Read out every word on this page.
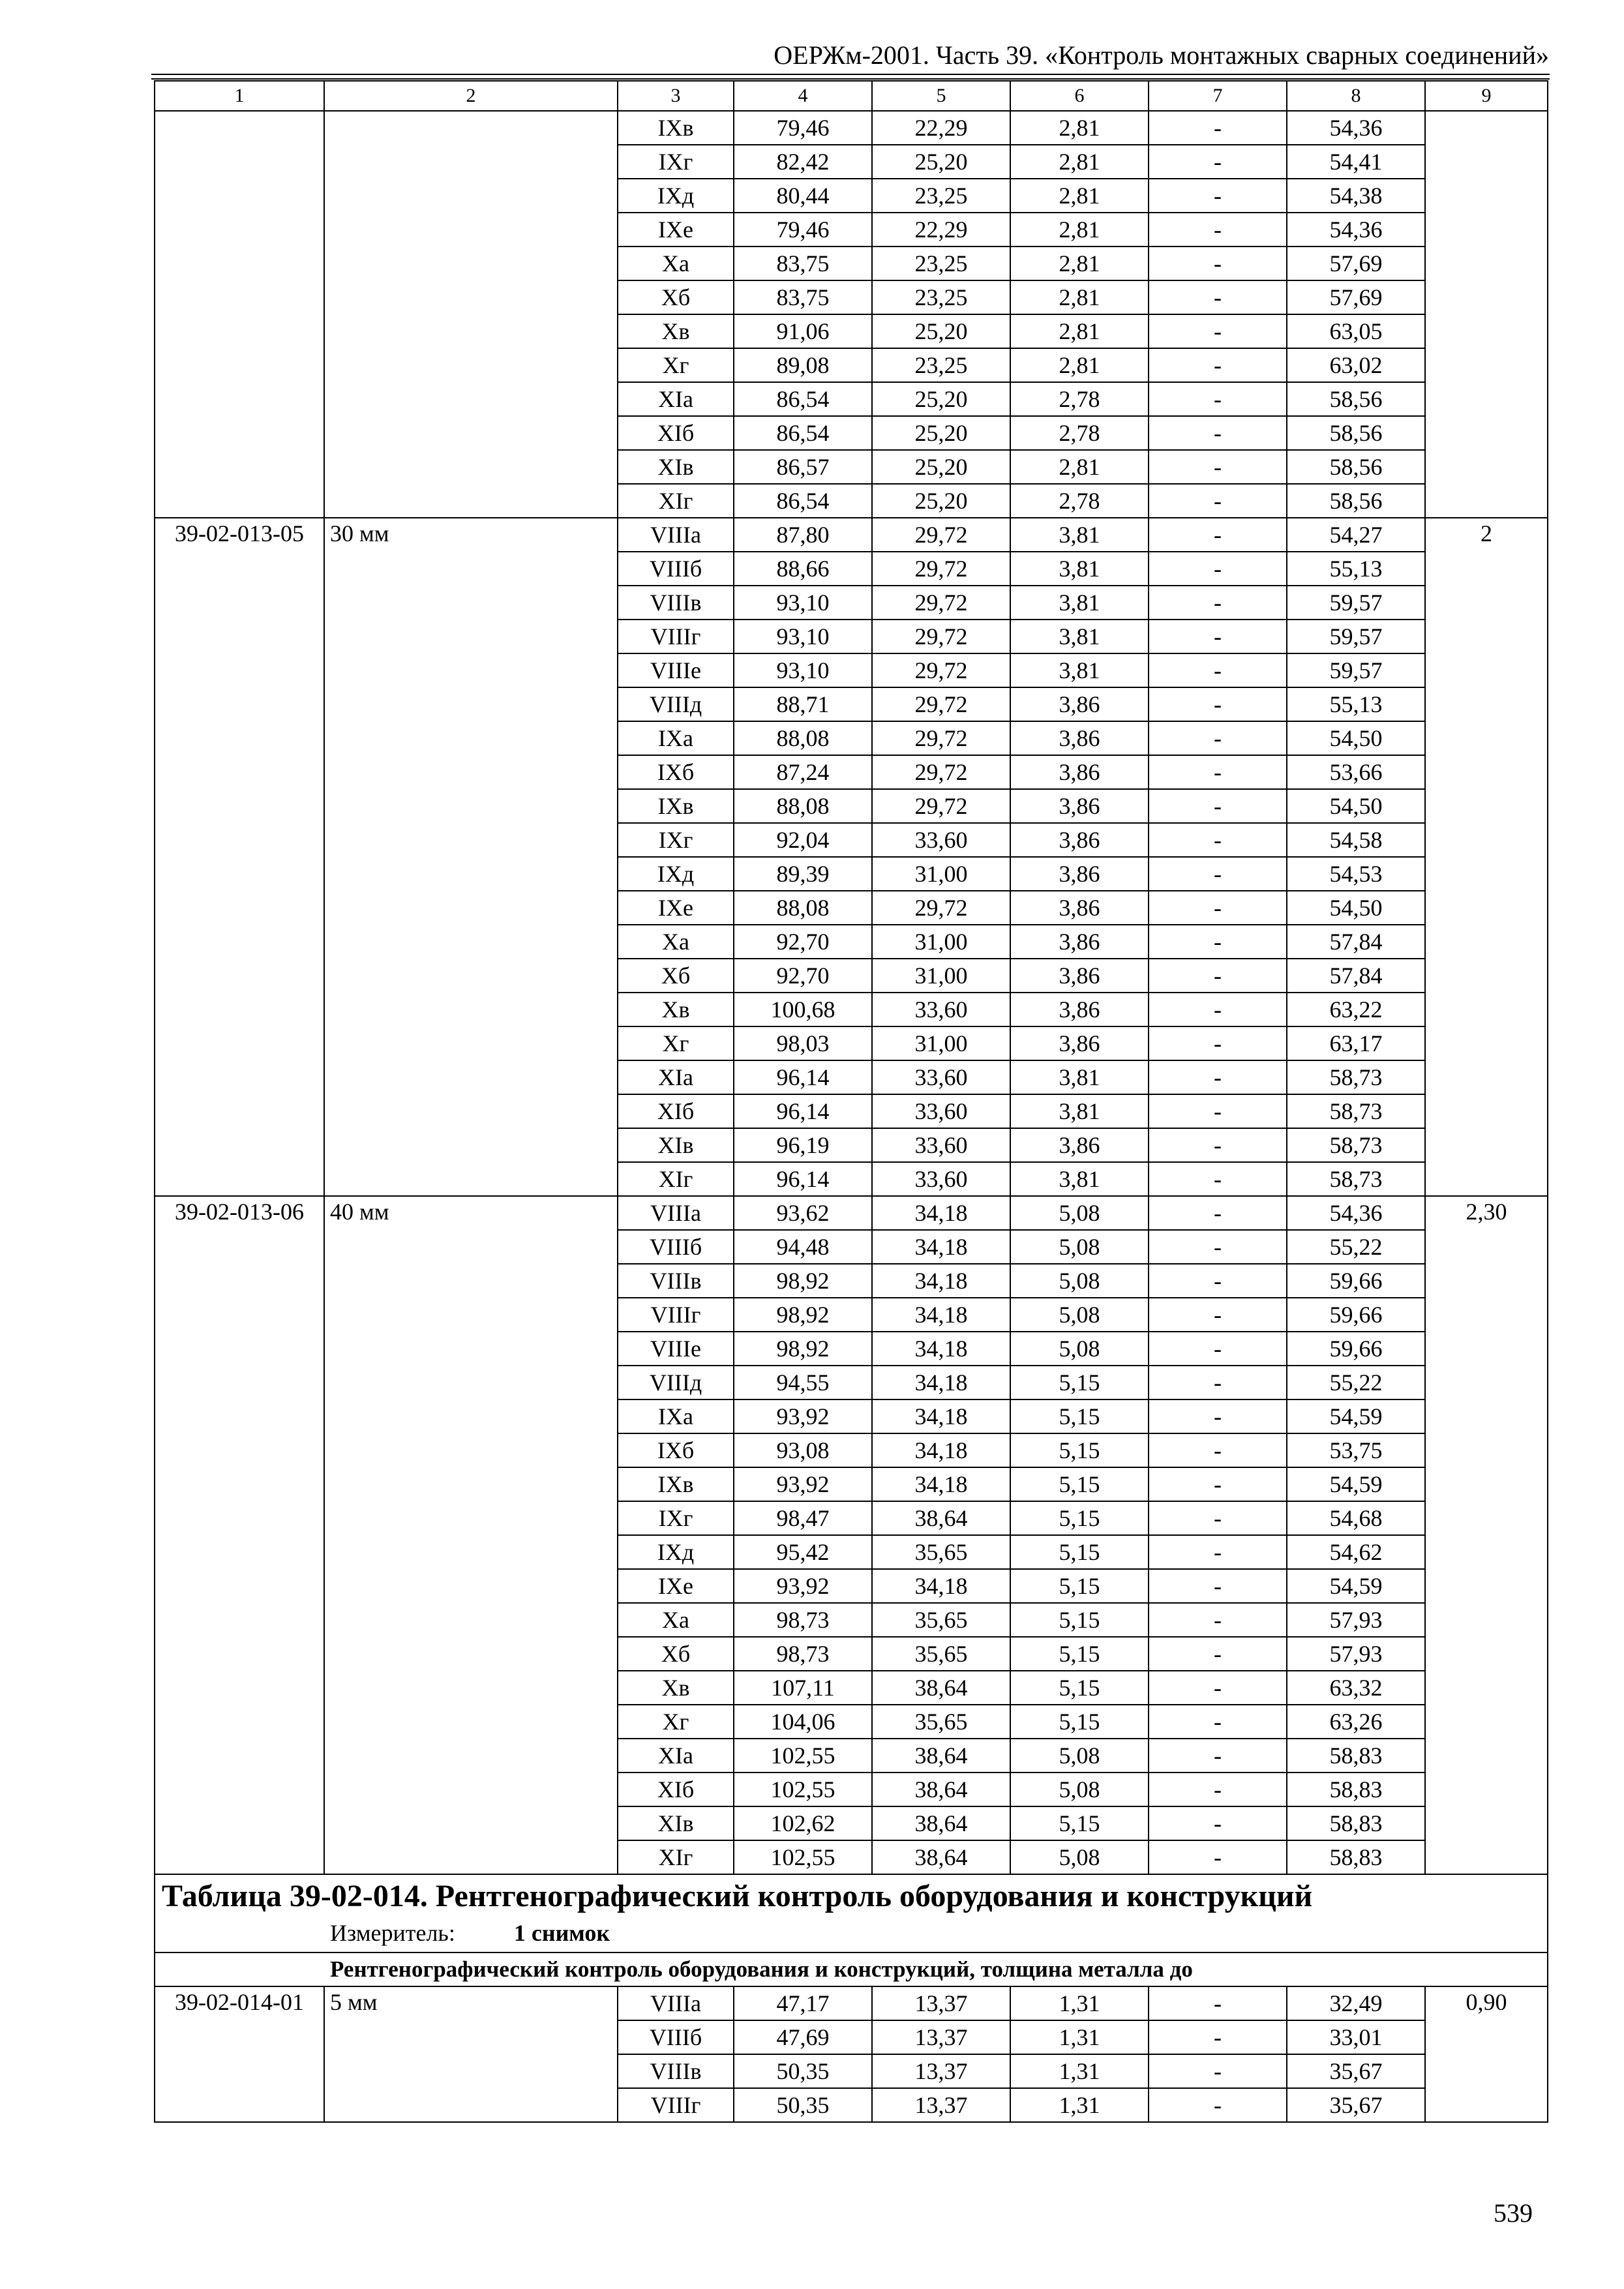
ОЕРЖм-2001. Часть 39. «Контроль монтажных сварных соединений»
1	2	3	4	5	6	7	8	9
		IXв	79,46	22,29	2,81	-	54,36	
		IXг	82,42	25,20	2,81	-	54,41	
		IXд	80,44	23,25	2,81	-	54,38	
		IXе	79,46	22,29	2,81	-	54,36	
		Xа	83,75	23,25	2,81	-	57,69	
		Xб	83,75	23,25	2,81	-	57,69	
		Xв	91,06	25,20	2,81	-	63,05	
		Xг	89,08	23,25	2,81	-	63,02	
		XIа	86,54	25,20	2,78	-	58,56	
		XIб	86,54	25,20	2,78	-	58,56	
		XIв	86,57	25,20	2,81	-	58,56	
		XIг	86,54	25,20	2,78	-	58,56	
39-02-013-05	30 мм	VIIIа	87,80	29,72	3,81	-	54,27	2
		VIIIб	88,66	29,72	3,81	-	55,13	
		VIIIв	93,10	29,72	3,81	-	59,57	
		VIIIг	93,10	29,72	3,81	-	59,57	
		VIIIе	93,10	29,72	3,81	-	59,57	
		VIIIд	88,71	29,72	3,86	-	55,13	
		IXа	88,08	29,72	3,86	-	54,50	
		IXб	87,24	29,72	3,86	-	53,66	
		IXв	88,08	29,72	3,86	-	54,50	
		IXг	92,04	33,60	3,86	-	54,58	
		IXд	89,39	31,00	3,86	-	54,53	
		IXе	88,08	29,72	3,86	-	54,50	
		Xа	92,70	31,00	3,86	-	57,84	
		Xб	92,70	31,00	3,86	-	57,84	
		Xв	100,68	33,60	3,86	-	63,22	
		Xг	98,03	31,00	3,86	-	63,17	
		XIа	96,14	33,60	3,81	-	58,73	
		XIб	96,14	33,60	3,81	-	58,73	
		XIв	96,19	33,60	3,86	-	58,73	
		XIг	96,14	33,60	3,81	-	58,73	
39-02-013-06	40 мм	VIIIа	93,62	34,18	5,08	-	54,36	2,30
		VIIIб	94,48	34,18	5,08	-	55,22	
		VIIIв	98,92	34,18	5,08	-	59,66	
		VIIIг	98,92	34,18	5,08	-	59,66	
		VIIIе	98,92	34,18	5,08	-	59,66	
		VIIIд	94,55	34,18	5,15	-	55,22	
		IXа	93,92	34,18	5,15	-	54,59	
		IXб	93,08	34,18	5,15	-	53,75	
		IXв	93,92	34,18	5,15	-	54,59	
		IXг	98,47	38,64	5,15	-	54,68	
		IXд	95,42	35,65	5,15	-	54,62	
		IXе	93,92	34,18	5,15	-	54,59	
		Xа	98,73	35,65	5,15	-	57,93	
		Xб	98,73	35,65	5,15	-	57,93	
		Xв	107,11	38,64	5,15	-	63,32	
		Xг	104,06	35,65	5,15	-	63,26	
		XIа	102,55	38,64	5,08	-	58,83	
		XIб	102,55	38,64	5,08	-	58,83	
		XIв	102,62	38,64	5,15	-	58,83	
		XIг	102,55	38,64	5,08	-	58,83	

Таблица 39-02-014. Рентгенографический контроль оборудования и конструкций
Измеритель: 1 снимок								

Рентгенографический контроль оборудования и конструкций, толщина металла до								
39-02-014-01	5 мм	VIIIа	47,17	13,37	1,31	-	32,49	0,90
		VIIIб	47,69	13,37	1,31	-	33,01	
		VIIIв	50,35	13,37	1,31	-	35,67	
		VIIIг	50,35	13,37	1,31	-	35,67	
539
